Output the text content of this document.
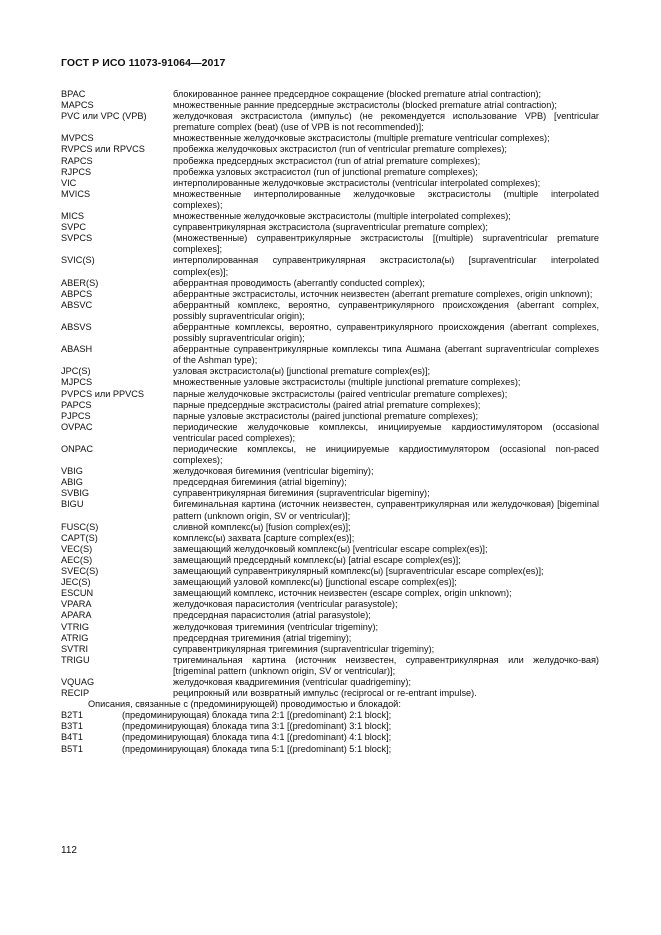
ГОСТ Р ИСО 11073-91064—2017
BPAC	блокированное раннее предсердное сокращение (blocked premature atrial contraction);
MAPCS	множественные ранние предсердные экстрасистолы (blocked premature atrial contraction);
PVC или VPC (VPB)	желудочковая экстрасистола (импульс) (не рекомендуется использование VPB) [ventricular premature complex (beat) (use of VPB is not recommended)];
MVPCS	множественные желудочковые экстрасистолы (multiple premature ventricular complexes);
RVPCS или RPVCS	пробежка желудочковых экстрасистол (run of ventricular premature complexes);
RAPCS	пробежка предсердных экстрасистол (run of atrial premature complexes);
RJPCS	пробежка узловых экстрасистол (run of junctional premature complexes);
VIC	интерполированные желудочковые экстрасистолы (ventricular interpolated complexes);
MVICS	множественные интерполированные желудочковые экстрасистолы (multiple interpolated complexes);
MICS	множественные желудочковые экстрасистолы (multiple interpolated complexes);
SVPC	суправентрикулярная экстрасистола (supraventricular premature complex);
SVPCS	(множественные) суправентрикулярные экстрасистолы [(multiple) supraventricular premature complexes];
SVIC(S)	интерполированная суправентрикулярная экстрасистола(ы) [supraventricular interpolated complex(es)];
ABER(S)	аберрантная проводимость (aberrantly conducted complex);
ABPCS	аберрантные экстрасистолы, источник неизвестен (aberrant premature complexes, origin unknown);
ABSVC	аберрантный комплекс, вероятно, суправентрикулярного происхождения (aberrant complex, possibly supraventricular origin);
ABSVS	аберрантные комплексы, вероятно, суправентрикулярного происхождения (aberrant complexes, possibly supraventricular origin);
ABASH	аберрантные суправентрикулярные комплексы типа Ашмана (aberrant supraventricular complexes of the Ashman type);
JPC(S)	узловая экстрасистола(ы) [junctional premature complex(es)];
MJPCS	множественные узловые экстрасистолы (multiple junctional premature complexes);
PVPCS или PPVCS	парные желудочковые экстрасистолы (paired ventricular premature complexes);
PAPCS	парные предсердные экстрасистолы (paired atrial premature complexes);
PJPCS	парные узловые экстрасистолы (paired junctional premature complexes);
OVPAC	периодические желудочковые комплексы, инициируемые кардиостимулятором (occasional ventricular paced complexes);
ONPAC	периодические комплексы, не инициируемые кардиостимулятором (occasional non-paced complexes);
VBIG	желудочковая бигеминия (ventricular bigeminy);
ABIG	предсердная бигеминия (atrial bigeminy);
SVBIG	суправентрикулярная бигеминия (supraventricular bigeminy);
BIGU	бигеминальная картина (источник неизвестен, суправентрикулярная или желудочковая) [bigeminal pattern (unknown origin, SV or ventricular)];
FUSC(S)	сливной комплекс(ы) [fusion complex(es)];
CAPT(S)	комплекс(ы) захвата [capture complex(es)];
VEC(S)	замещающий желудочковый комплекс(ы) [ventricular escape complex(es)];
AEC(S)	замещающий предсердный комплекс(ы) [atrial escape complex(es)];
SVEC(S)	замещающий суправентрикулярный комплекс(ы) [supraventricular escape complex(es)];
JEC(S)	замещающий узловой комплекс(ы) [junctional escape complex(es)];
ESCUN	замещающий комплекс, источник неизвестен (escape complex, origin unknown);
VPARA	желудочковая парасистолия (ventricular parasystole);
APARA	предсердная парасистолия (atrial parasystole);
VTRIG	желудочковая тригеминия (ventricular trigeminy);
ATRIG	предсердная тригеминия (atrial trigeminy);
SVTRI	суправентрикулярная тригеминия (supraventricular trigeminy);
TRIGU	тригеминальная картина (источник неизвестен, суправентрикулярная или желудочко-вая) [trigeminal pattern (unknown origin, SV or ventricular)];
VQUAG	желудочковая квадригеминия (ventricular quadrigeminy);
RECIP	реципрокный или возвратный импульс (reciprocal or re-entrant impulse).
Описания, связанные с (предоминирующей) проводимостью и блокадой:
B2T1	(предоминирующая) блокада типа 2:1 [(predominant) 2:1 block];
B3T1	(предоминирующая) блокада типа 3:1 [(predominant) 3:1 block];
B4T1	(предоминирующая) блокада типа 4:1 [(predominant) 4:1 block];
B5T1	(предоминирующая) блокада типа 5:1 [(predominant) 5:1 block];
112
